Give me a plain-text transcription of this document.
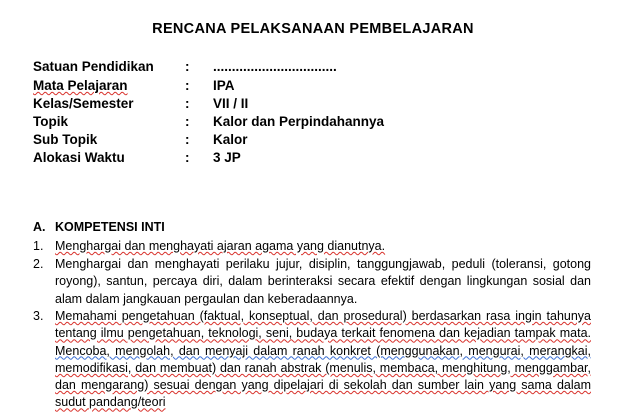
RENCANA PELAKSANAAN PEMBELAJARAN
Satuan Pendidikan : .................................
Mata Pelajaran	: IPA
Kelas/Semester	: VII / II
Topik	: Kalor dan Perpindahannya
Sub Topik	: Kalor
Alokasi Waktu	: 3 JP
A. KOMPETENSI INTI
1. Menghargai dan menghayati ajaran agama yang dianutnya.
2. Menghargai dan menghayati perilaku jujur, disiplin, tanggungjawab, peduli (toleransi, gotong
royong), santun, percaya diri, dalam berinteraksi secara efektif dengan lingkungan sosial dan
alam dalam jangkauan pergaulan dan keberadaannya.
3. Memahami pengetahuan (faktual, konseptual, dan prosedural) berdasarkan rasa ingin tahunya
tentang ilmu pengetahuan, teknologi, seni, budaya terkait fenomena dan kejadian tampak mata.
Mencoba, mengolah, dan menyaji dalam ranah konkret (menggunakan, mengurai, merangkai,
memodifikasi, dan membuat) dan ranah abstrak (menulis, membaca, menghitung, menggambar,
dan mengarang) sesuai dengan yang dipelajari di sekolah dan sumber lain yang sama dalam
sudut pandang/teori
